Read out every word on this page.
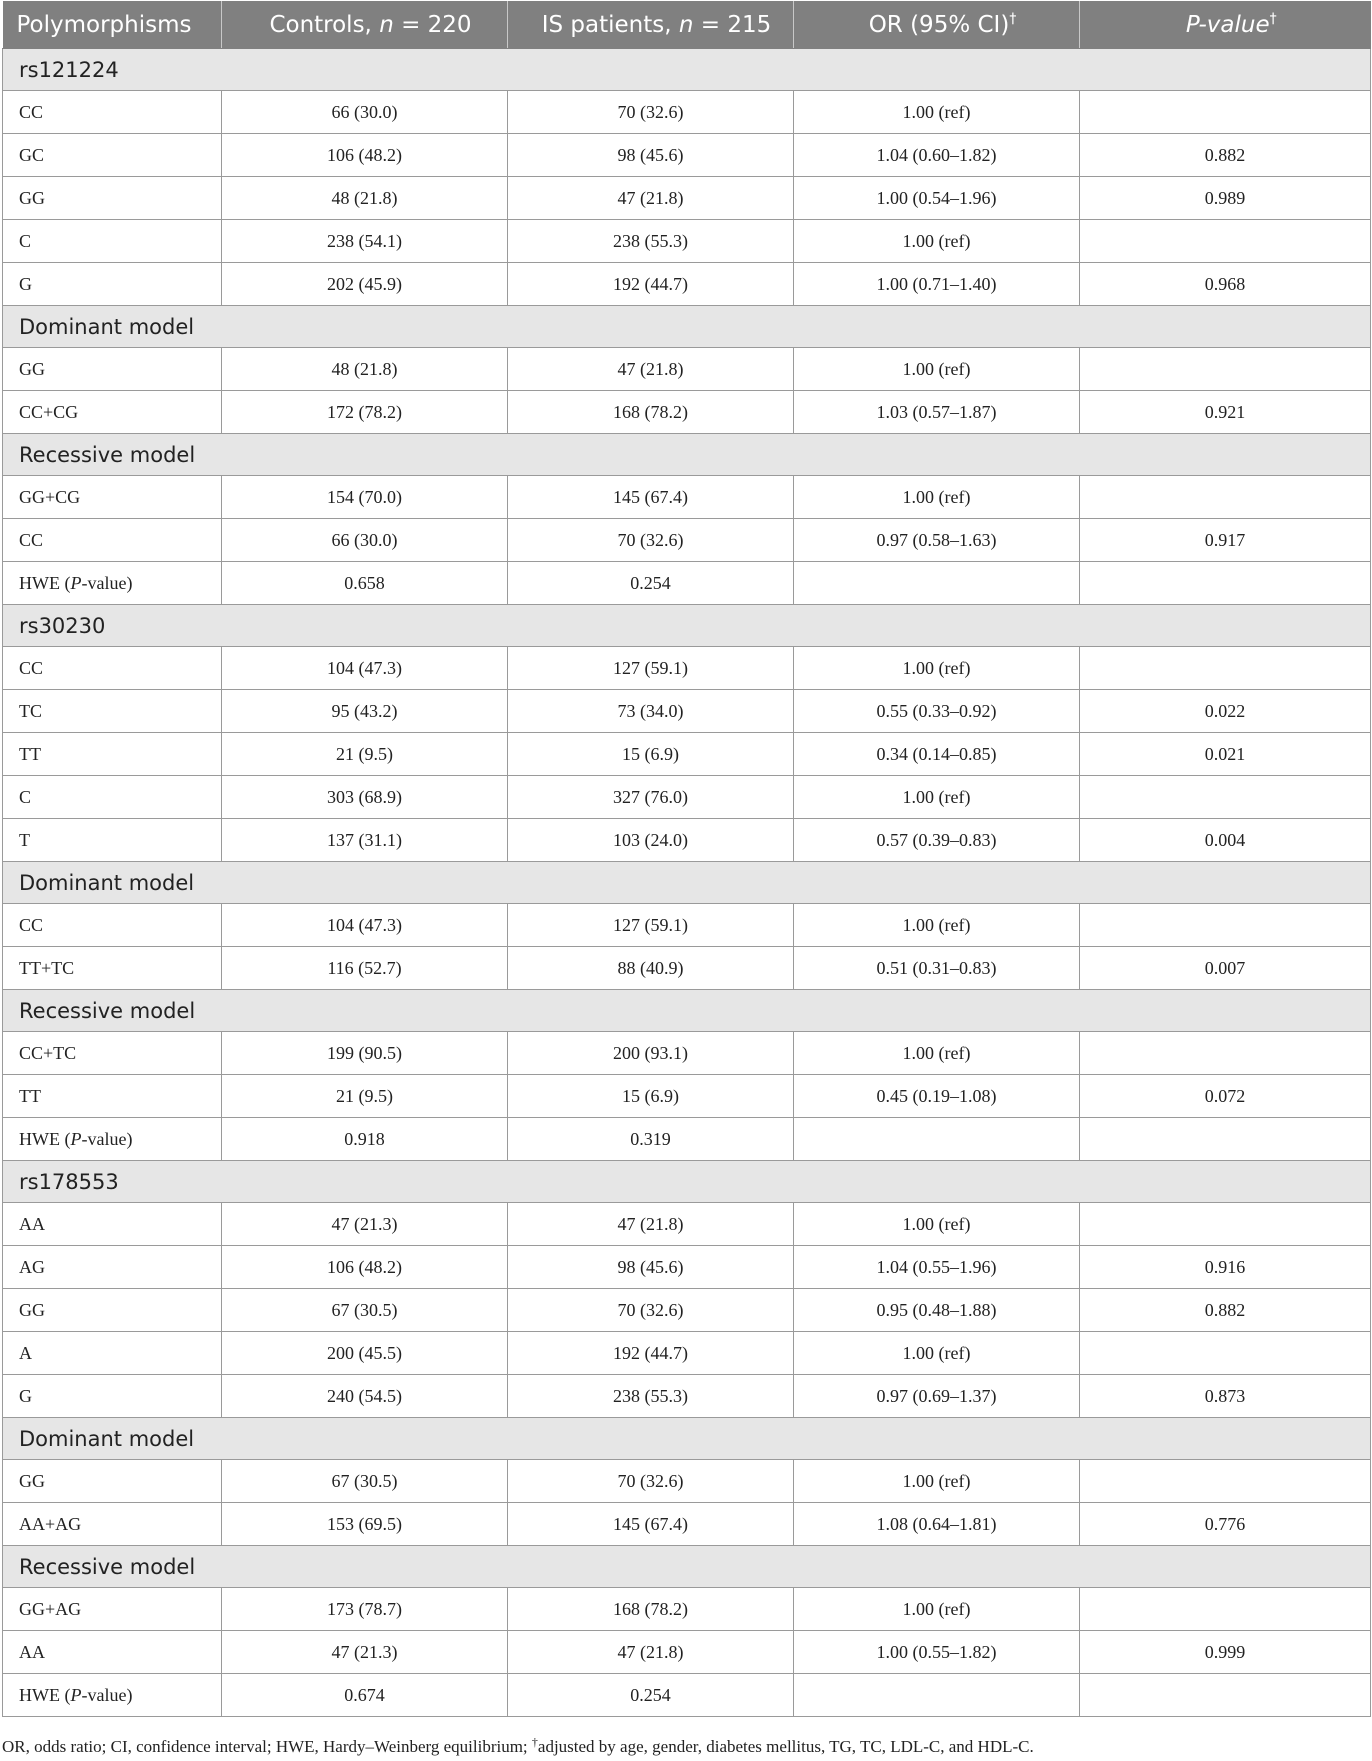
Polymorphisms	Controls, n = 220	IS patients, n = 215	OR (95% CI)†	P-value†
rs121224				
CC	66 (30.0)	70 (32.6)	1.00 (ref)	
GC	106 (48.2)	98 (45.6)	1.04 (0.60–1.82)	0.882
GG	48 (21.8)	47 (21.8)	1.00 (0.54–1.96)	0.989
C	238 (54.1)	238 (55.3)	1.00 (ref)	
G	202 (45.9)	192 (44.7)	1.00 (0.71–1.40)	0.968
Dominant model				
GG	48 (21.8)	47 (21.8)	1.00 (ref)	
CC+CG	172 (78.2)	168 (78.2)	1.03 (0.57–1.87)	0.921
Recessive model				
GG+CG	154 (70.0)	145 (67.4)	1.00 (ref)	
CC	66 (30.0)	70 (32.6)	0.97 (0.58–1.63)	0.917
HWE (P-value)	0.658	0.254		
rs30230				
CC	104 (47.3)	127 (59.1)	1.00 (ref)	
TC	95 (43.2)	73 (34.0)	0.55 (0.33–0.92)	0.022
TT	21 (9.5)	15 (6.9)	0.34 (0.14–0.85)	0.021
C	303 (68.9)	327 (76.0)	1.00 (ref)	
T	137 (31.1)	103 (24.0)	0.57 (0.39–0.83)	0.004
Dominant model				
CC	104 (47.3)	127 (59.1)	1.00 (ref)	
TT+TC	116 (52.7)	88 (40.9)	0.51 (0.31–0.83)	0.007
Recessive model				
CC+TC	199 (90.5)	200 (93.1)	1.00 (ref)	
TT	21 (9.5)	15 (6.9)	0.45 (0.19–1.08)	0.072
HWE (P-value)	0.918	0.319		
rs178553				
AA	47 (21.3)	47 (21.8)	1.00 (ref)	
AG	106 (48.2)	98 (45.6)	1.04 (0.55–1.96)	0.916
GG	67 (30.5)	70 (32.6)	0.95 (0.48–1.88)	0.882
A	200 (45.5)	192 (44.7)	1.00 (ref)	
G	240 (54.5)	238 (55.3)	0.97 (0.69–1.37)	0.873
Dominant model				
GG	67 (30.5)	70 (32.6)	1.00 (ref)	
AA+AG	153 (69.5)	145 (67.4)	1.08 (0.64–1.81)	0.776
Recessive model				
GG+AG	173 (78.7)	168 (78.2)	1.00 (ref)	
AA	47 (21.3)	47 (21.8)	1.00 (0.55–1.82)	0.999
HWE (P-value)	0.674	0.254		
OR, odds ratio; CI, confidence interval; HWE, Hardy–Weinberg equilibrium; †adjusted by age, gender, diabetes mellitus, TG, TC, LDL-C, and HDL-C.
